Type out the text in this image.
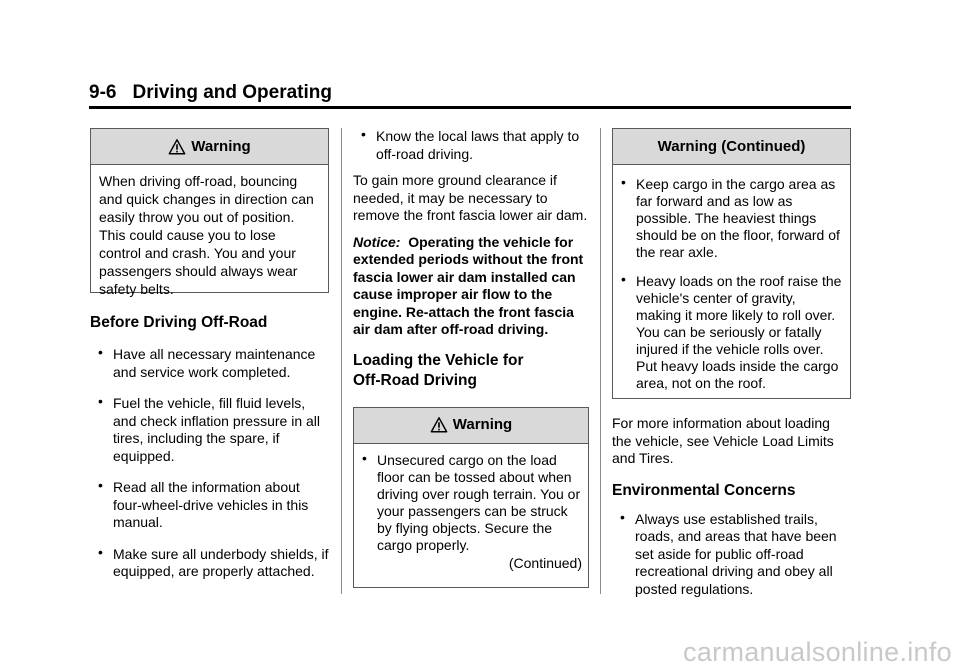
9-6 Driving and Operating
Warning

When driving off-road, bouncing and quick changes in direction can easily throw you out of position. This could cause you to lose control and crash. You and your passengers should always wear safety belts.

Before Driving Off-Road
• Have all necessary maintenance and service work completed.
• Fuel the vehicle, fill fluid levels, and check inflation pressure in all tires, including the spare, if equipped.
• Read all the information about four-wheel-drive vehicles in this manual.
• Make sure all underbody shields, if equipped, are properly attached.
• Know the local laws that apply to off-road driving.

To gain more ground clearance if needed, it may be necessary to remove the front fascia lower air dam.

Notice: Operating the vehicle for extended periods without the front fascia lower air dam installed can cause improper air flow to the engine. Re-attach the front fascia air dam after off-road driving.

Loading the Vehicle for Off-Road Driving
Warning
• Unsecured cargo on the load floor can be tossed about when driving over rough terrain. You or your passengers can be struck by flying objects. Secure the cargo properly.
(Continued)
Warning (Continued)
• Keep cargo in the cargo area as far forward and as low as possible. The heaviest things should be on the floor, forward of the rear axle.
• Heavy loads on the roof raise the vehicle's center of gravity, making it more likely to roll over. You can be seriously or fatally injured if the vehicle rolls over. Put heavy loads inside the cargo area, not on the roof.

For more information about loading the vehicle, see Vehicle Load Limits and Tires.

Environmental Concerns
• Always use established trails, roads, and areas that have been set aside for public off-road recreational driving and obey all posted regulations.
carmanualsonline.info
